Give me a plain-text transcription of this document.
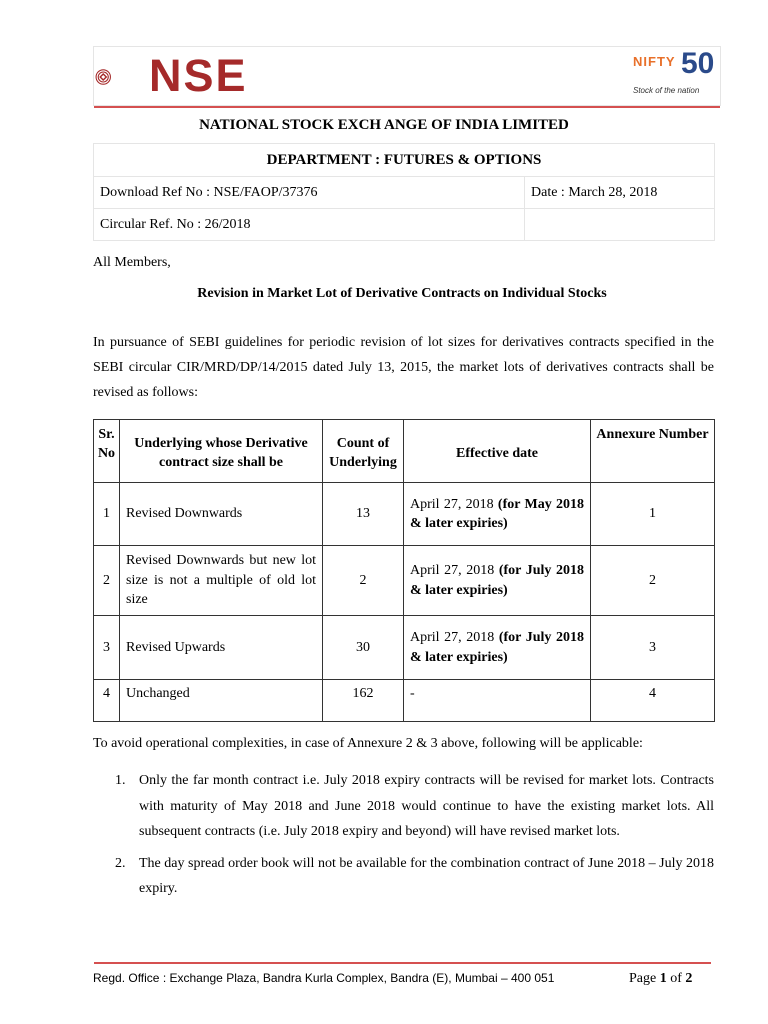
NSE	NIFTY 50
Stock of the nation
NATIONAL STOCK EXCH ANGE OF INDIA LIMITED
DEPARTMENT : FUTURES & OPTIONS	
Download Ref No : NSE/FAOP/37376	Date : March 28, 2018
Circular Ref. No : 26/2018	
All Members,
Revision in Market Lot of Derivative Contracts on Individual Stocks
In pursuance of SEBI guidelines for periodic revision of lot sizes for derivatives contracts specified in the SEBI circular CIR/MRD/DP/14/2015 dated July 13, 2015, the market lots of derivatives contracts shall be revised as follows:
Sr.
No	Underlying whose Derivative contract size shall be	Count of Underlying	Effective date	Annexure Number
1	Revised Downwards	13	April 27, 2018 (for May 2018 & later expiries)	1
2	Revised Downwards but new lot size is not a multiple of old lot size	2	April 27, 2018 (for July 2018 & later expiries)	2
3	Revised Upwards	30	April 27, 2018 (for July 2018 & later expiries)	3
4	Unchanged	162	-	4
To avoid operational complexities, in case of Annexure 2 & 3 above, following will be applicable:
1. Only the far month contract i.e. July 2018 expiry contracts will be revised for market lots. Contracts with maturity of May 2018 and June 2018 would continue to have the existing market lots. All subsequent contracts (i.e. July 2018 expiry and beyond) will have revised market lots.
2. The day spread order book will not be available for the combination contract of June 2018 – July 2018 expiry.
Regd. Office : Exchange Plaza, Bandra Kurla Complex, Bandra (E), Mumbai – 400 051	Page 1 of 2
